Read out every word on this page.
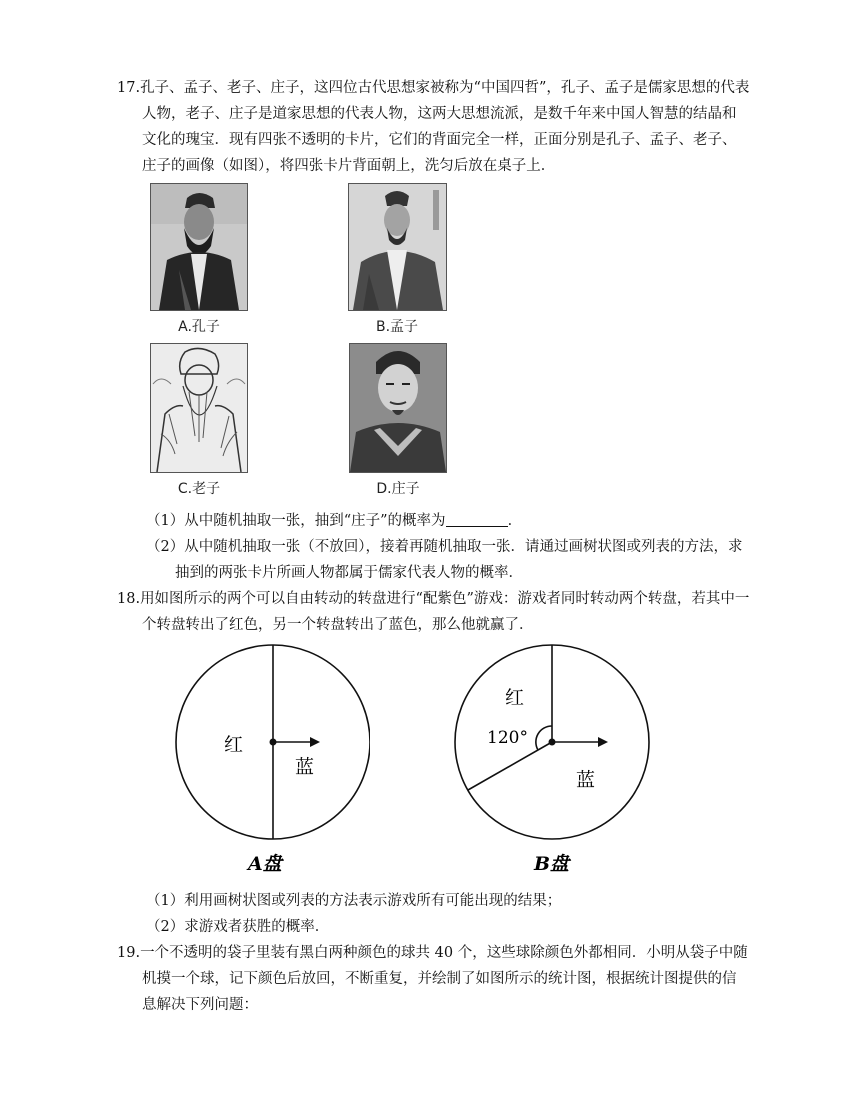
17.孔子、孟子、老子、庄子，这四位古代思想家被称为“中国四哲”，孔子、孟子是儒家思想的代表
人物，老子、庄子是道家思想的代表人物，这两大思想流派，是数千年来中国人智慧的结晶和
文化的瑰宝．现有四张不透明的卡片，它们的背面完全一样，正面分别是孔子、孟子、老子、
庄子的画像（如图），将四张卡片背面朝上，洗匀后放在桌子上．
A.孔子	B.孟子
C.老子	D.庄子
（1）从中随机抽取一张，抽到“庄子”的概率为	．
（2）从中随机抽取一张（不放回），接着再随机抽取一张．请通过画树状图或列表的方法，求
抽到的两张卡片所画人物都属于儒家代表人物的概率．
18.用如图所示的两个可以自由转动的转盘进行“配紫色”游戏：游戏者同时转动两个转盘，若其中一
个转盘转出了红色，另一个转盘转出了蓝色，那么他就赢了．
红
蓝
A盘
红
120°
蓝
B盘
（1）利用画树状图或列表的方法表示游戏所有可能出现的结果；
（2）求游戏者获胜的概率．
19.一个不透明的袋子里装有黑白两种颜色的球共 40 个，这些球除颜色外都相同．小明从袋子中随
机摸一个球，记下颜色后放回，不断重复，并绘制了如图所示的统计图，根据统计图提供的信
息解决下列问题：
